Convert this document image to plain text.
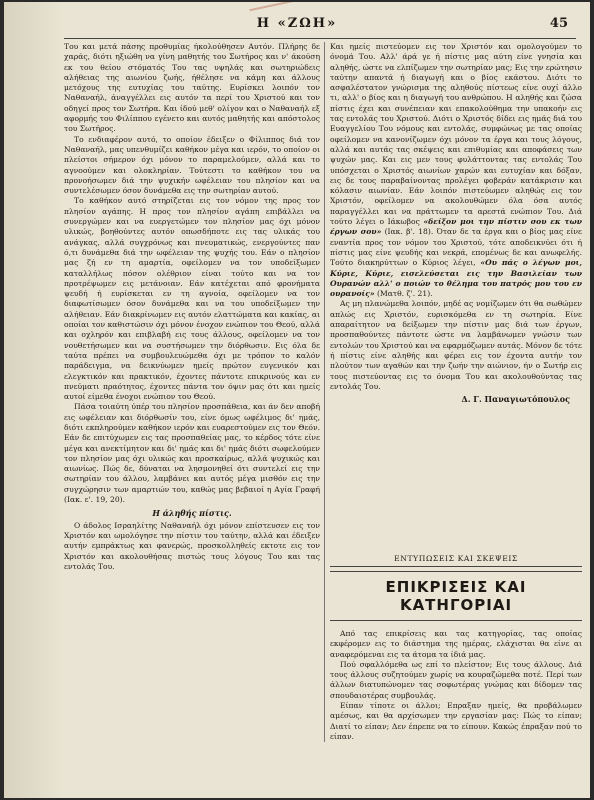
Η «ΖΩΗ»	45

Του και μετά πάσης προθυμίας ήκολούθησεν Αυτόν. Πλήρης δε χαράς, διότι ηξιώθη να γίνη μαθητής του Σωτήρος και ν' άκούση εκ του θείου στόματός Του τας υψηλάς και σωτηριώδεις αλήθειας της αιωνίου ζωής, ήθέλησε να κάμη και άλλους μετόχους της ευτυχίας του ταύτης. Ευρίσκει λοιπόν τον Ναθαναήλ, άναγγέλλει εις αυτόν τα περί του Χριστού και τον οδηγεί προς τον Σωτήρα. Και ίδού μεθ' ολίγον και ο Ναθαναήλ εξ αφορμής του Φιλίππου εγένετο και αυτός μαθητής και απόστολος του Σωτήρος.

Το ενδιαφέρον αυτό, το οποίον έδειξεν ο Φίλιππος διά τον Ναθαναήλ, μας υπενθυμίζει καθήκον μέγα και ιερόν, το οποίον οι πλείστοι σήμερον όχι μόνον το παραμελούμεν, αλλά και το αγνοούμεν και ολοκληρίαν. Τούτεστι το καθήκον του να προνοήσωμεν διά την ψυχικήν ωφέλειαν του πλησίον και να συντελέσωμεν όσον δυνάμεθα εις την σωτηρίαν αυτού.

Το καθήκον αυτό στηρίζεται εις τον νόμον της προς τον πλησίον αγάπης. Η προς τον πλησίον αγάπη επιβάλλει να συνεργώμεν και να ευεργετώμεν τον πλησίον μας όχι μόνον υλικώς, βοηθούντες αυτόν οπωσδήποτε εις τας υλικάς του ανάγκας, αλλά συγχρόνως και πνευματικώς, ενεργούντες παν ό,τι δυνάμεθα διά την ωφέλειαν της ψυχής του. Εάν ο πλησίον μας ζή εν τη αμαρτία, οφείλομεν να τον υποδείξωμεν καταλλήλως πόσον ολέθριον είναι τούτο και να τον προτρέψωμεν εις μετάνοιαν. Εάν κατέχεται από φρονήματα ψευδή ή ευρίσκεται εν τη αγνοία, οφείλομεν να τον διαφωτίσωμεν όσον δυνάμεθα και να του υποδείξωμεν την αλήθειαν. Εάν διακρίνωμεν εις αυτόν ελαττώματα και κακίας, αι οποίαι τον καθιστώσιν όχι μόνον ένοχον ενώπιον του Θεού, αλλά και οχληρόν και επιβλαβή εις τους άλλους, οφείλομεν να τον νουθετήσωμεν και να συστήσωμεν την διόρθωσιν. Εις όλα δε ταύτα πρέπει να συμβουλευώμεθα όχι με τρόπον το καλόν παράδειγμα, να δεικνύωμεν ημείς πρώτον ευγενικόν και ελεγκτικόν και πρακτικόν, έχοντες πάντοτε επικρινούς και εν πνεύματι πραότητος, έχοντες πάντα τον όψιν μας ότι και ημείς αυτοί είμεθα ένοχοι ενώπιον του Θεού.

Πάσα τοιαύτη ύπέρ του πλησίον προσπάθεια, και άν δεν αποβή εις ωφέλειαν και διόρθωσίν του, είνε όμως ωφέλιμος δι' ημάς, διότι εκπληρούμεν καθήκον ιερόν και ευαρεστούμεν εις τον Θεόν. Εάν δε επιτύχωμεν εις τας προσπαθείας μας, το κέρδος τότε είνε μέγα και ανεκτίμητον και δι' ημάς και δι' ημάς διότι σωφελούμεν τον πλησίον μας όχι υλικώς και προσκαίρως, αλλά ψυχικώς και αιωνίως. Πώς δε, δύναται να λησμονηθεί ότι συντελεί εις την σωτηρίαν του άλλου, λαμβάνει και αυτός μέγα μισθόν εις την συγχώρησιν των αμαρτιών του, καθώς μας βεβαιοί η Αγία Γραφή (Ιακ. ε'. 19, 20).

Η άληθής πίστις.

Ο άδολος Ισραηλίτης Ναθαναήλ όχι μόνον επίστευσεν εις τον Χριστόν και ωμολόγησε την πίστιν του ταύτην, αλλά και έδειξεν αυτήν εμπράκτως και φανερώς, προσκολληθείς εκτοτε εις τον Χριστόν και ακολουθήσας πιστώς τους λόγους Του και τας εντολάς Του.

Και ημείς πιστεύομεν εις τον Χριστόν και ομολογούμεν το όνομά Του. Αλλ' άρά γε ή πίστις μας αύτη είνε γνησία και αληθής, ώστε να ελπίζωμεν την σωτηρίαν μας; Εις την ερώτησιν ταύτην απαντά ή διαγωγή και ο βίος εκάστου. Διότι το ασφαλέστατον γνώρισμα της αληθούς πίστεως είνε ουχί άλλο τι, αλλ' ο βίος και η διαγωγή του ανθρώπου. Η αληθής και ζώσα πίστις έχει και συνέπειαν και επακολούθημα την υπακοήν εις τας εντολάς του Χριστού. Διότι ο Χριστός δίδει εις ημάς διά του Ευαγγελίου Του νόμους και εντολάς, συμφώνως με τας οποίας οφείλομεν να κανονίζωμεν όχι μόνον τα έργα και τους λόγους, αλλά και αυτάς τας σκέψεις και επιθυμίας και αποφάσεις των ψυχών μας. Και εις μεν τους φυλάττοντας τας εντολάς Του υπόσχεται ο Χριστός αιωνίων χαρών και ευτυχίαν και δόξαν, εις δε τους παραβαίνοντας προλέγει φοβεράν κατάκρισιν και κόλασιν αιωνίαν. Εάν λοιπόν πιστεύωμεν αληθώς εις τον Χριστόν, οφείλομεν να ακολουθώμεν όλα όσα αυτός παραγγέλλει και να πράττωμεν τα αρεστά ενώπιον Του. Διά τούτο λέγει ο Ιάκωβος «δείξον μοι την πίστιν σου εκ των έργων σου» (Ιακ. β'. 18). Όταν δε τα έργα και ο βίος μας είνε εναντία προς τον νόμον του Χριστού, τότε αποδεικνύει ότι ή πίστις μας είνε ψευδής και νεκρά, επομένως δε και ανωφελής. Τούτο διακηρύττων ο Κύριος λέγει, «Ου πάς ο λέγων μοι, Κύριε, Κύριε, εισελεύσεται εις την Βασιλείαν των Ουρανών αλλ' ο ποιών το θέλημα του πατρός μου του εν ουρανοίς» (Ματθ. ζ'. 21).

Ας μη πλανώμεθα λοιπόν, μηδέ ας νομίζωμεν ότι θα σωθώμεν απλώς εις Χριστόν, ευρισκόμεθα εν τη σωτηρία. Είνε απαραίτητον να δείξωμεν την πίστιν μας διά των έργων, προσπαθούντες πάντοτε ώστε να λαμβάνωμεν γνώσιν των εντολών του Χριστού και να εφαρμόζωμεν αυτάς. Μόνον δε τότε ή πίστις είνε αληθής και φέρει εις τον έχοντα αυτήν τον πλούτον των αγαθών και την ζωήν την αιώνιον, ήν ο Σωτήρ εις τους πιστεύοντας εις το όνομα Του και ακολουθούντας τας εντολάς Του.

Δ. Γ. Παναγιωτόπουλος
ΕΝΤΥΠΩΣΕΙΣ ΚΑΙ ΣΚΕΨΕΙΣ
ΕΠΙΚΡΙΣΕΙΣ ΚΑΙ ΚΑΤΗΓΟΡΙΑΙ

Από τας επικρίσεις και τας κατηγορίας, τας οποίας εκφέρομεν εις το διάστημα της ημέρας, ελάχισται θα είνε αι αναφερόμεναι εις τα άτομα τα ίδιά μας.

Πού σφαλλόμεθα ως επί το πλείστον; Εις τους άλλους. Διά τους άλλους συζητούμεν χωρίς να κουραζώμεθα ποτέ. Περί των άλλων διατυπώνομεν τας σοφωτέρας γνώμας και δίδομεν τας σπουδαιοτέρας συμβουλάς.

Είπαν τίποτε οι άλλοι; Επραξαν ημείς, θα προβάλωμεν αμέσως, και θα αρχίσωμεν την εργασίαν μας: Πώς το είπαν; Διατί το είπαν; Δεν έπρεπε να το είπουν. Κακώς έπραξαν πού το είπαν.
